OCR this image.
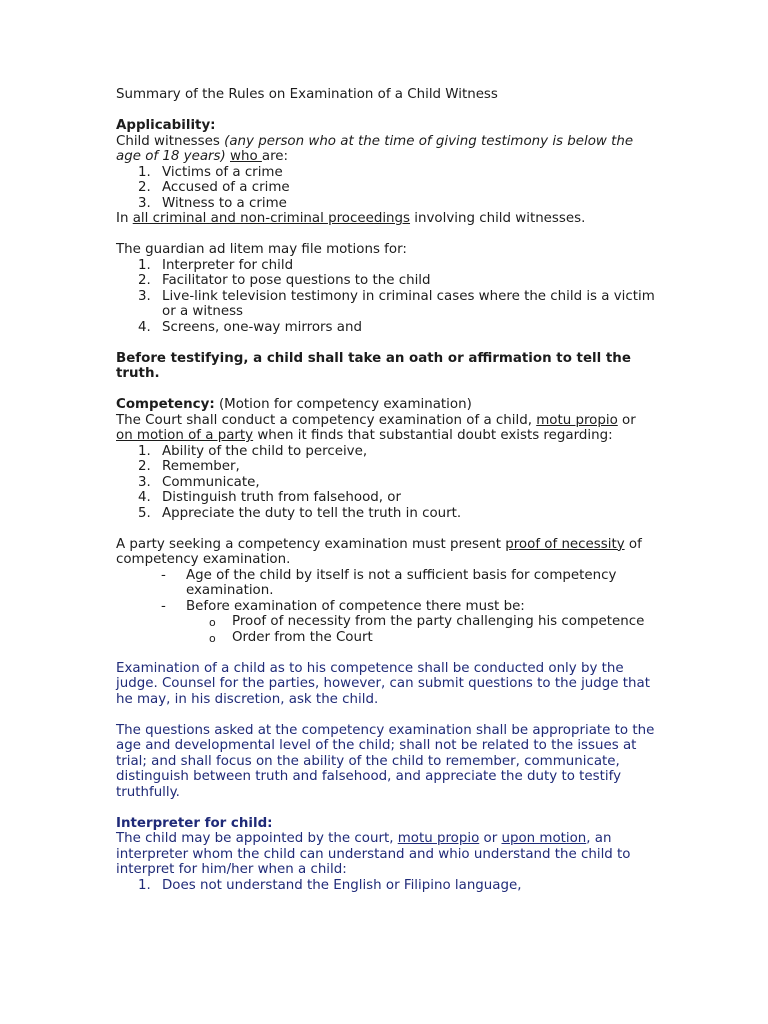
Summary of the Rules on Examination of a Child Witness

Applicability:

Child witnesses (any person who at the time of giving testimony is below the age of 18 years) who are:

1. Victims of a crime
2. Accused of a crime
3. Witness to a crime

In all criminal and non-criminal proceedings involving child witnesses.

The guardian ad litem may file motions for:

1. Interpreter for child
2. Facilitator to pose questions to the child
3. Live-link television testimony in criminal cases where the child is a victim or a witness
4. Screens, one-way mirrors and

Before testifying, a child shall take an oath or affirmation to tell the truth.

Competency: (Motion for competency examination)

The Court shall conduct a competency examination of a child, motu propio or on motion of a party when it finds that substantial doubt exists regarding:

1. Ability of the child to perceive,
2. Remember,
3. Communicate,
4. Distinguish truth from falsehood, or
5. Appreciate the duty to tell the truth in court.

A party seeking a competency examination must present proof of necessity of competency examination.

- Age of the child by itself is not a sufficient basis for competency examination.
- Before examination of competence there must be:
o Proof of necessity from the party challenging his competence
o Order from the Court

Examination of a child as to his competence shall be conducted only by the judge. Counsel for the parties, however, can submit questions to the judge that he may, in his discretion, ask the child.

The questions asked at the competency examination shall be appropriate to the age and developmental level of the child; shall not be related to the issues at trial; and shall focus on the ability of the child to remember, communicate, distinguish between truth and falsehood, and appreciate the duty to testify truthfully.

Interpreter for child:

The child may be appointed by the court, motu propio or upon motion, an interpreter whom the child can understand and whio understand the child to interpret for him/her when a child:

1. Does not understand the English or Filipino language,
